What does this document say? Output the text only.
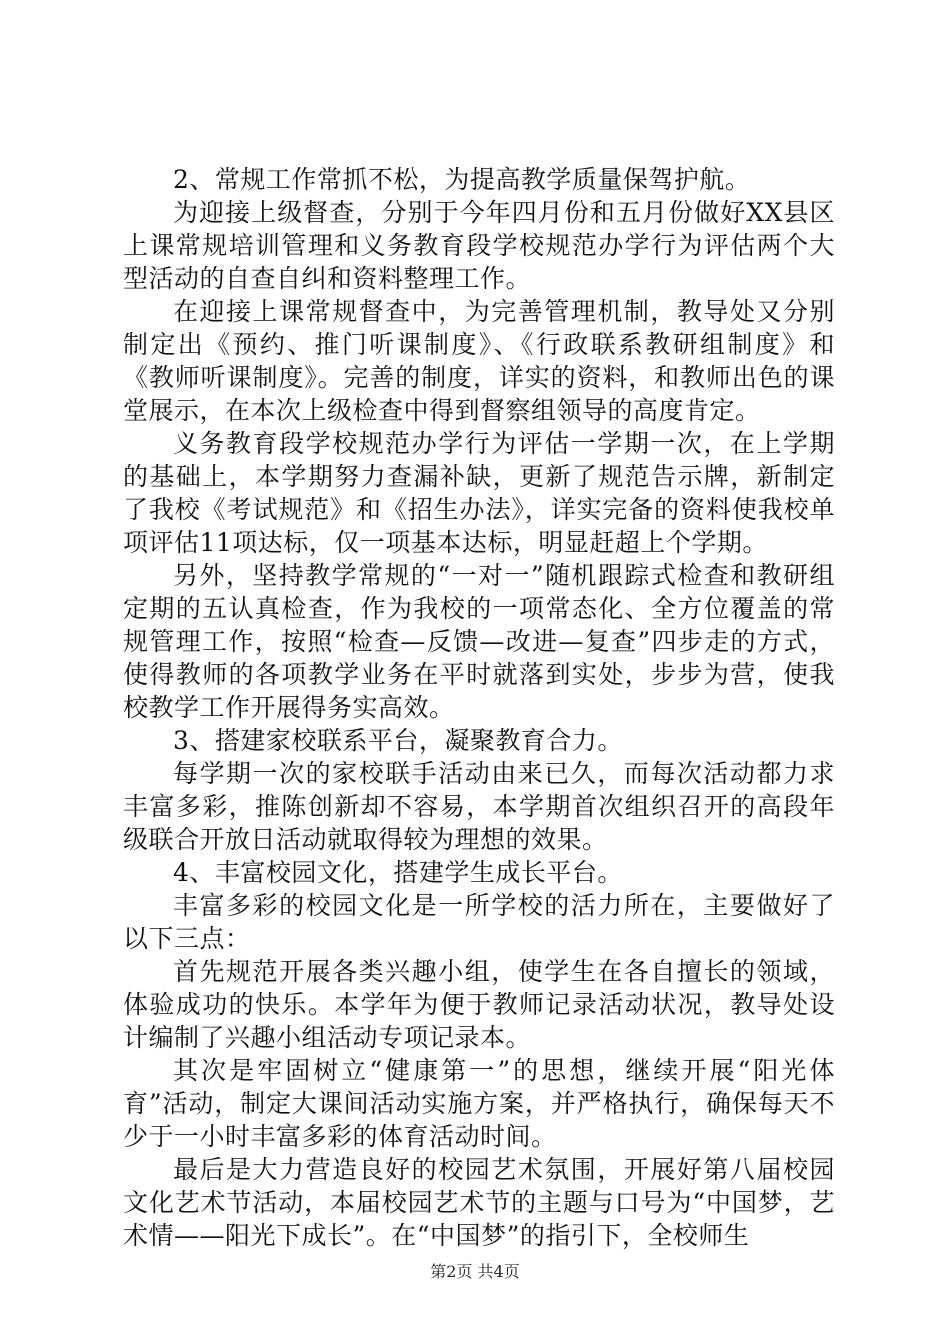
2、常规工作常抓不松，为提高教学质量保驾护航。

为迎接上级督查，分别于今年四月份和五月份做好XX县区上课常规培训管理和义务教育段学校规范办学行为评估两个大型活动的自查自纠和资料整理工作。

在迎接上课常规督查中，为完善管理机制，教导处又分别制定出《预约、推门听课制度》、《行政联系教研组制度》和《教师听课制度》。完善的制度，详实的资料，和教师出色的课堂展示，在本次上级检查中得到督察组领导的高度肯定。

义务教育段学校规范办学行为评估一学期一次，在上学期的基础上，本学期努力查漏补缺，更新了规范告示牌，新制定了我校《考试规范》和《招生办法》，详实完备的资料使我校单项评估11项达标，仅一项基本达标，明显赶超上个学期。

另外，坚持教学常规的“一对一”随机跟踪式检查和教研组定期的五认真检查，作为我校的一项常态化、全方位覆盖的常规管理工作，按照“检查—反馈—改进—复查”四步走的方式，使得教师的各项教学业务在平时就落到实处，步步为营，使我校教学工作开展得务实高效。

3、搭建家校联系平台，凝聚教育合力。

每学期一次的家校联手活动由来已久，而每次活动都力求丰富多彩，推陈创新却不容易，本学期首次组织召开的高段年级联合开放日活动就取得较为理想的效果。

4、丰富校园文化，搭建学生成长平台。

丰富多彩的校园文化是一所学校的活力所在，主要做好了以下三点：

首先规范开展各类兴趣小组，使学生在各自擅长的领域，体验成功的快乐。本学年为便于教师记录活动状况，教导处设计编制了兴趣小组活动专项记录本。

其次是牢固树立“健康第一”的思想，继续开展“阳光体育”活动，制定大课间活动实施方案，并严格执行，确保每天不少于一小时丰富多彩的体育活动时间。

最后是大力营造良好的校园艺术氛围，开展好第八届校园文化艺术节活动，本届校园艺术节的主题与口号为“中国梦，艺术情——阳光下成长”。在“中国梦”的指引下，全校师生

第2页 共4页
